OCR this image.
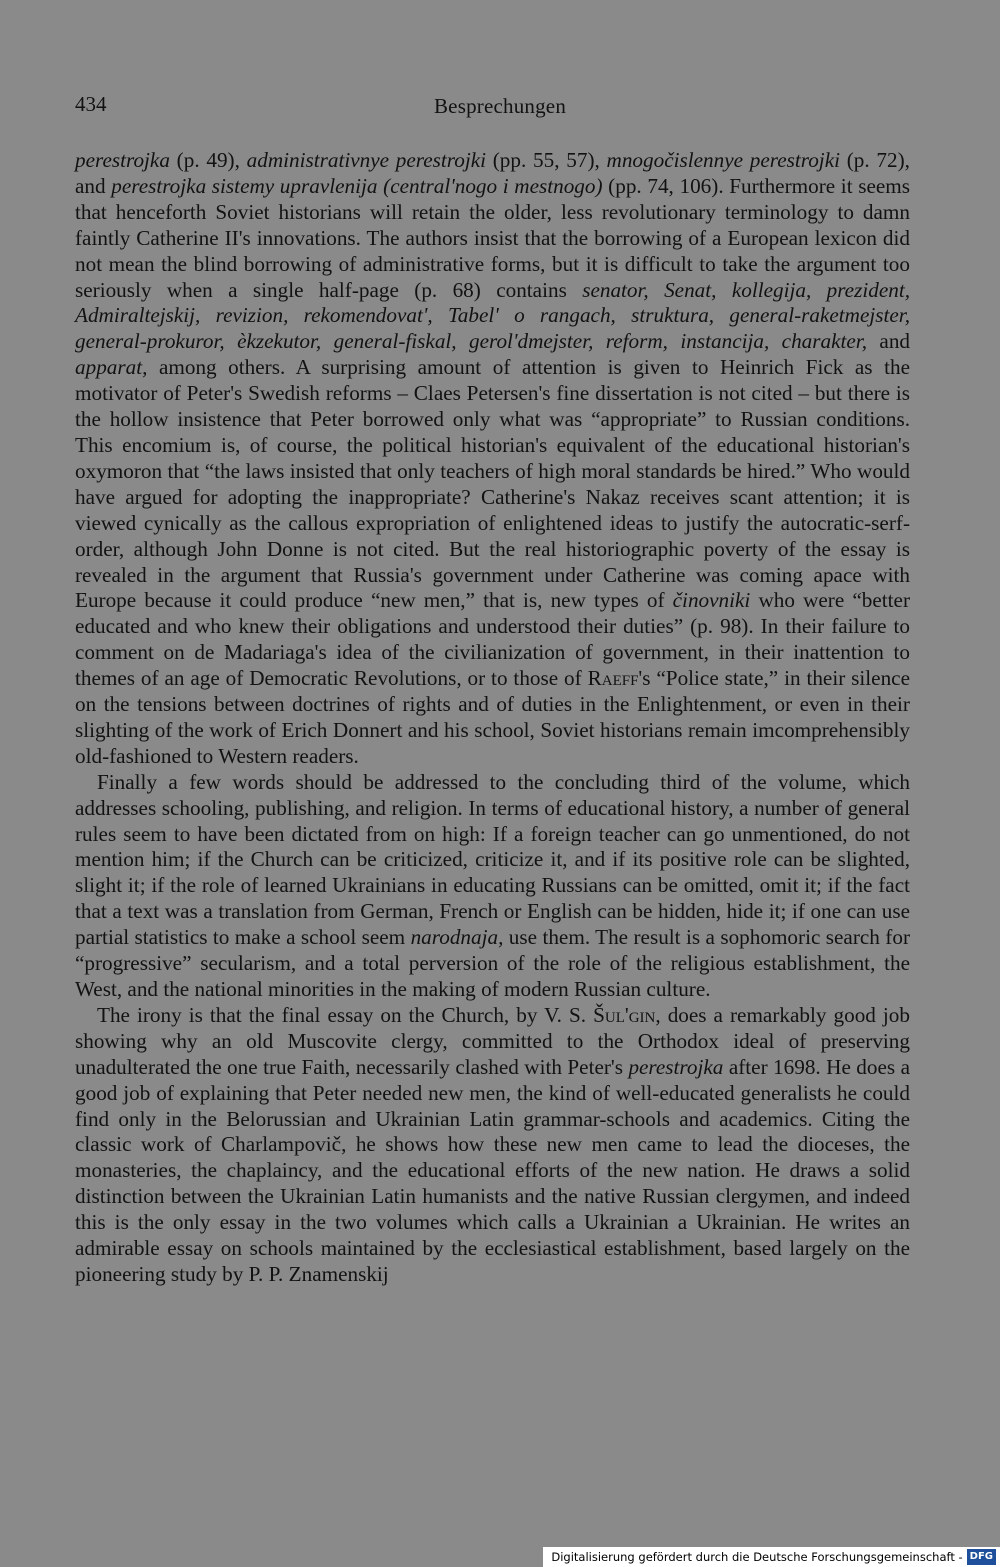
434	Besprechungen

perestrojka (p. 49), administrativnye perestrojki (pp. 55, 57), mnogočislennye perestrojki (p. 72), and perestrojka sistemy upravlenija (central'nogo i mestnogo) (pp. 74, 106). Furthermore it seems that henceforth Soviet historians will retain the older, less revolutionary terminology to damn faintly Catherine II's innovations. The authors insist that the borrowing of a European lexicon did not mean the blind borrowing of administrative forms, but it is difficult to take the argument too seriously when a single half-page (p. 68) contains senator, Senat, kollegija, prezident, Admiraltejskij, revizion, rekomendovat', Tabel' o rangach, struktura, general-raketmejster, general-prokuror, èkzekutor, general-fiskal, gerol'dmejster, reform, instancija, charakter, and apparat, among others. A surprising amount of attention is given to Heinrich Fick as the motivator of Peter's Swedish reforms – Claes Petersen's fine dissertation is not cited – but there is the hollow insistence that Peter borrowed only what was “appropriate” to Russian conditions. This encomium is, of course, the political historian's equivalent of the educational historian's oxymoron that “the laws insisted that only teachers of high moral standards be hired.” Who would have argued for adopting the inappropriate? Catherine's Nakaz receives scant attention; it is viewed cynically as the callous expropriation of enlightened ideas to justify the autocratic-serf-order, although John Donne is not cited. But the real historiographic poverty of the essay is revealed in the argument that Russia's government under Catherine was coming apace with Europe because it could produce “new men,” that is, new types of činovniki who were “better educated and who knew their obligations and understood their duties” (p. 98). In their failure to comment on de Madariaga's idea of the civilianization of government, in their inattention to themes of an age of Democratic Revolutions, or to those of Raeff's “Police state,” in their silence on the tensions between doctrines of rights and of duties in the Enlightenment, or even in their slighting of the work of Erich Donnert and his school, Soviet historians remain imcomprehensibly old-fashioned to Western readers.

Finally a few words should be addressed to the concluding third of the volume, which addresses schooling, publishing, and religion. In terms of educational history, a number of general rules seem to have been dictated from on high: If a foreign teacher can go unmentioned, do not mention him; if the Church can be criticized, criticize it, and if its positive role can be slighted, slight it; if the role of learned Ukrainians in educating Russians can be omitted, omit it; if the fact that a text was a translation from German, French or English can be hidden, hide it; if one can use partial statistics to make a school seem narodnaja, use them. The result is a sophomoric search for “progressive” secularism, and a total perversion of the role of the religious establishment, the West, and the national minorities in the making of modern Russian culture.

The irony is that the final essay on the Church, by V. S. Šul'gin, does a remarkably good job showing why an old Muscovite clergy, committed to the Orthodox ideal of preserving unadulterated the one true Faith, necessarily clashed with Peter's perestrojka after 1698. He does a good job of explaining that Peter needed new men, the kind of well-educated generalists he could find only in the Belorussian and Ukrainian Latin grammar-schools and academics. Citing the classic work of Charlampovič, he shows how these new men came to lead the dioceses, the monasteries, the chaplaincy, and the educational efforts of the new nation. He draws a solid distinction between the Ukrainian Latin humanists and the native Russian clergymen, and indeed this is the only essay in the two volumes which calls a Ukrainian a Ukrainian. He writes an admirable essay on schools maintained by the ecclesiastical establishment, based largely on the pioneering study by P. P. Znamenskij

Digitalisierung gefördert durch die Deutsche Forschungsgemeinschaft - DFG
